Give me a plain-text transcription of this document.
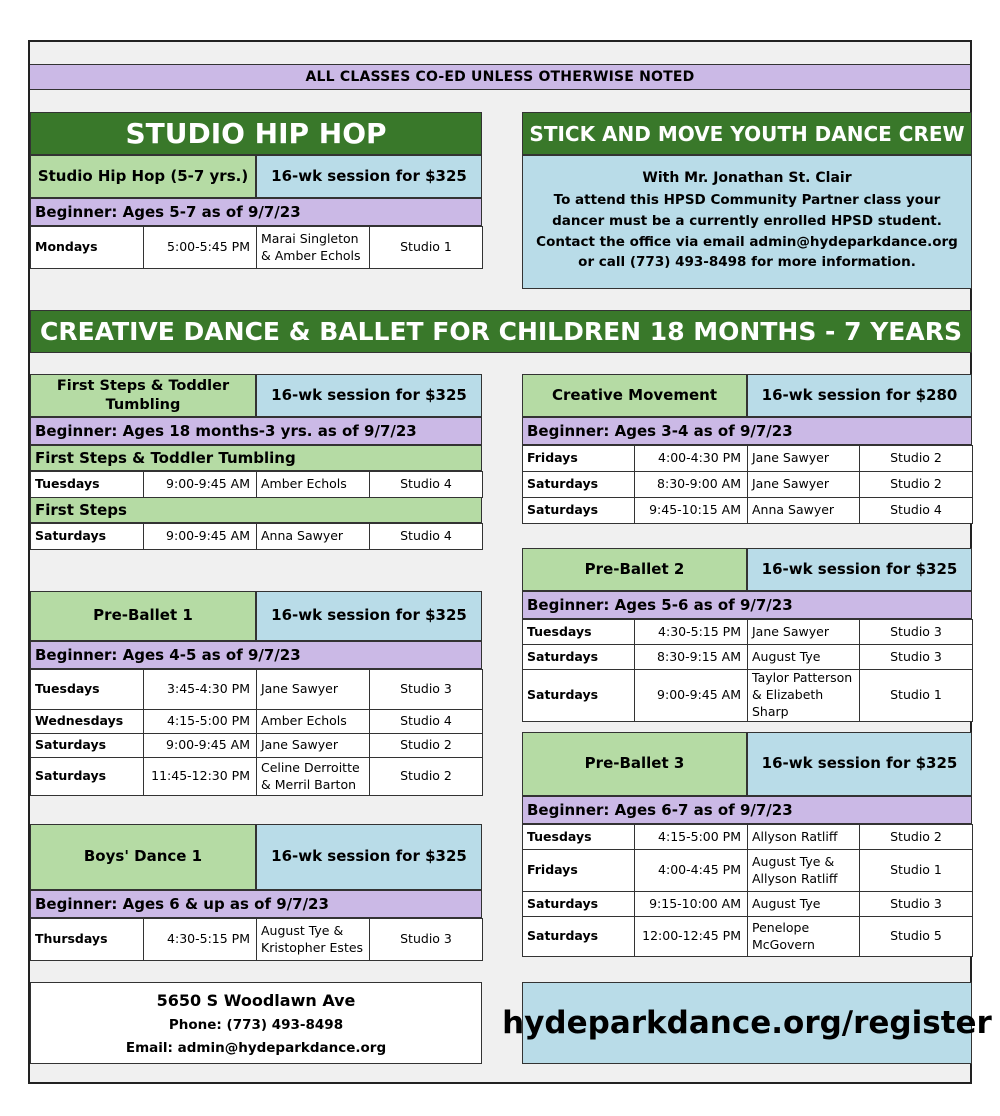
ALL CLASSES CO-ED UNLESS OTHERWISE NOTED
STUDIO HIP HOP
Studio Hip Hop (5-7 yrs.)	16-wk session for $325
Beginner: Ages 5-7 as of 9/7/23
Mondays	5:00-5:45 PM	Marai Singleton & Amber Echols	Studio 1
STICK AND MOVE YOUTH DANCE CREW
With Mr. Jonathan St. Clair
To attend this HPSD Community Partner class your dancer must be a currently enrolled HPSD student. Contact the office via email admin@hydeparkdance.org or call (773) 493-8498 for more information.
CREATIVE DANCE & BALLET FOR CHILDREN 18 MONTHS - 7 YEARS
First Steps & Toddler Tumbling
16-wk session for $325
Beginner: Ages 18 months-3 yrs. as of 9/7/23
First Steps & Toddler Tumbling
Tuesdays	9:00-9:45 AM	Amber Echols	Studio 4
First Steps
Saturdays	9:00-9:45 AM	Anna Sawyer	Studio 4
Creative Movement	16-wk session for $280
Beginner: Ages 3-4 as of 9/7/23
Fridays	4:00-4:30 PM	Jane Sawyer	Studio 2
Saturdays	8:30-9:00 AM	Jane Sawyer	Studio 2
Saturdays	9:45-10:15 AM	Anna Sawyer	Studio 4
Pre-Ballet 1	16-wk session for $325
Beginner: Ages 4-5 as of 9/7/23
Tuesdays	3:45-4:30 PM	Jane Sawyer	Studio 3
Wednesdays	4:15-5:00 PM	Amber Echols	Studio 4
Saturdays	9:00-9:45 AM	Jane Sawyer	Studio 2
Saturdays	11:45-12:30 PM	Celine Derroitte & Merril Barton	Studio 2
Pre-Ballet 2	16-wk session for $325
Beginner: Ages 5-6 as of 9/7/23
Tuesdays	4:30-5:15 PM	Jane Sawyer	Studio 3
Saturdays	8:30-9:15 AM	August Tye	Studio 3
Saturdays	9:00-9:45 AM	Taylor Patterson & Elizabeth Sharp	Studio 1
Boys' Dance 1	16-wk session for $325
Beginner: Ages 6 & up as of 9/7/23
Thursdays	4:30-5:15 PM	August Tye & Kristopher Estes	Studio 3
Pre-Ballet 3	16-wk session for $325
Beginner: Ages 6-7 as of 9/7/23
Tuesdays	4:15-5:00 PM	Allyson Ratliff	Studio 2
Fridays	4:00-4:45 PM	August Tye & Allyson Ratliff	Studio 1
Saturdays	9:15-10:00 AM	August Tye	Studio 3
Saturdays	12:00-12:45 PM	Penelope McGovern	Studio 5
5650 S Woodlawn Ave
Phone: (773) 493-8498
Email: admin@hydeparkdance.org
hydeparkdance.org/register
